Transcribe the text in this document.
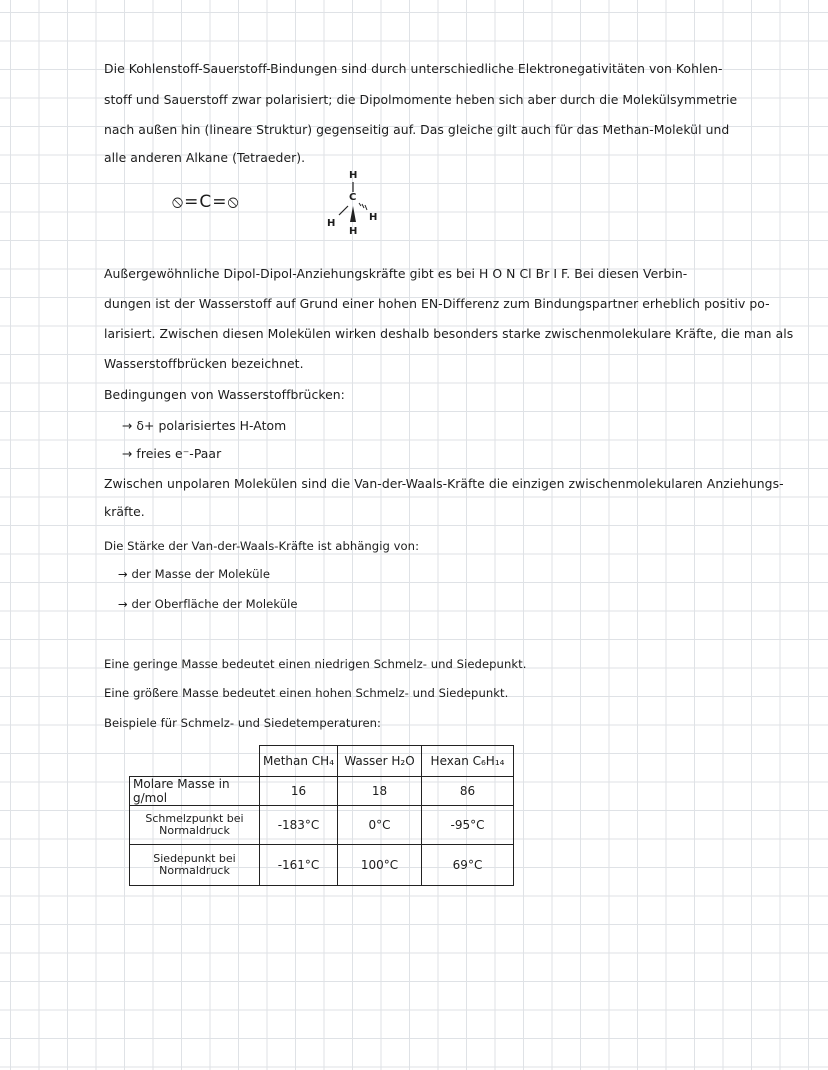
Die Kohlenstoff-Sauerstoff-Bindungen sind durch unterschiedliche Elektronegativitäten von Kohlen-

stoff und Sauerstoff zwar polarisiert; die Dipolmomente heben sich aber durch die Molekülsymmetrie

nach außen hin (lineare Struktur) gegenseitig auf. Das gleiche gilt auch für das Methan-Molekül und

alle anderen Alkane (Tetraeder).

⦸=C=⦸
H
C
H
H
H

Außergewöhnliche Dipol-Dipol-Anziehungskräfte gibt es bei H O N Cl Br I F. Bei diesen Verbin-

dungen ist der Wasserstoff auf Grund einer hohen EN-Differenz zum Bindungspartner erheblich positiv po-

larisiert. Zwischen diesen Molekülen wirken deshalb besonders starke zwischenmolekulare Kräfte, die man als

Wasserstoffbrücken bezeichnet.

Bedingungen von Wasserstoffbrücken:

→ δ+ polarisiertes H-Atom

→ freies e⁻-Paar

Zwischen unpolaren Molekülen sind die Van-der-Waals-Kräfte die einzigen zwischenmolekularen Anziehungs-

kräfte.

Die Stärke der Van-der-Waals-Kräfte ist abhängig von:

→ der Masse der Moleküle

→ der Oberfläche der Moleküle

Eine geringe Masse bedeutet einen niedrigen Schmelz- und Siedepunkt.

Eine größere Masse bedeutet einen hohen Schmelz- und Siedepunkt.

Beispiele für Schmelz- und Siedetemperaturen:

	Methan CH₄	Wasser H₂O	Hexan C₆H₁₄
Molare Masse in g/mol	16	18	86

Schmelzpunkt bei
Normaldruck	-183°C	0°C	-95°C

Siedepunkt bei
Normaldruck	-161°C	100°C	69°C
